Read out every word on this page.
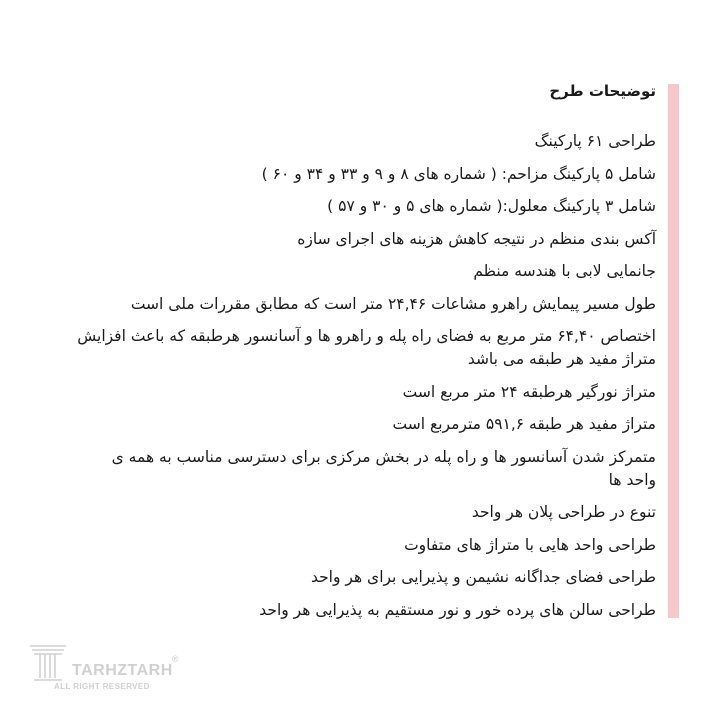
توضیحات طرح
طراحی ۶۱ پارکینگ
شامل ۵ پارکینگ مزاحم: ( شماره های ۸ و ۹ و ۳۳ و ۳۴ و ۶۰ )
شامل ۳ پارکینگ معلول:( شماره های ۵ و ۳۰ و ۵۷ )
آکس بندی منظم در نتیجه کاهش هزینه های اجرای سازه
جانمایی لابی با هندسه منظم
طول مسیر پیمایش راهرو مشاعات ۲۴,۴۶ متر است که مطابق مقررات ملی است
اختصاص ۶۴,۴۰ متر مربع به فضای راه پله و راهرو ها و آسانسور هرطبقه که باعث افزایش متراژ مفید هر طبقه می باشد
متراژ نورگیر هرطبقه ۲۴ متر مربع است
متراژ مفید هر طبقه ۵۹۱,۶ مترمربع است
متمرکز شدن آسانسور ها و راه پله در بخش مرکزی برای دسترسی مناسب به همه ی واحد ها
تنوع در طراحی پلان هر واحد
طراحی واحد هایی با متراژ های متفاوت
طراحی فضای جداگانه نشیمن و پذیرایی برای هر واحد
طراحی سالن های پرده خور و نور مستقیم به پذیرایی هر واحد
TARHZTARH
®
ALL RIGHT RESERVED
